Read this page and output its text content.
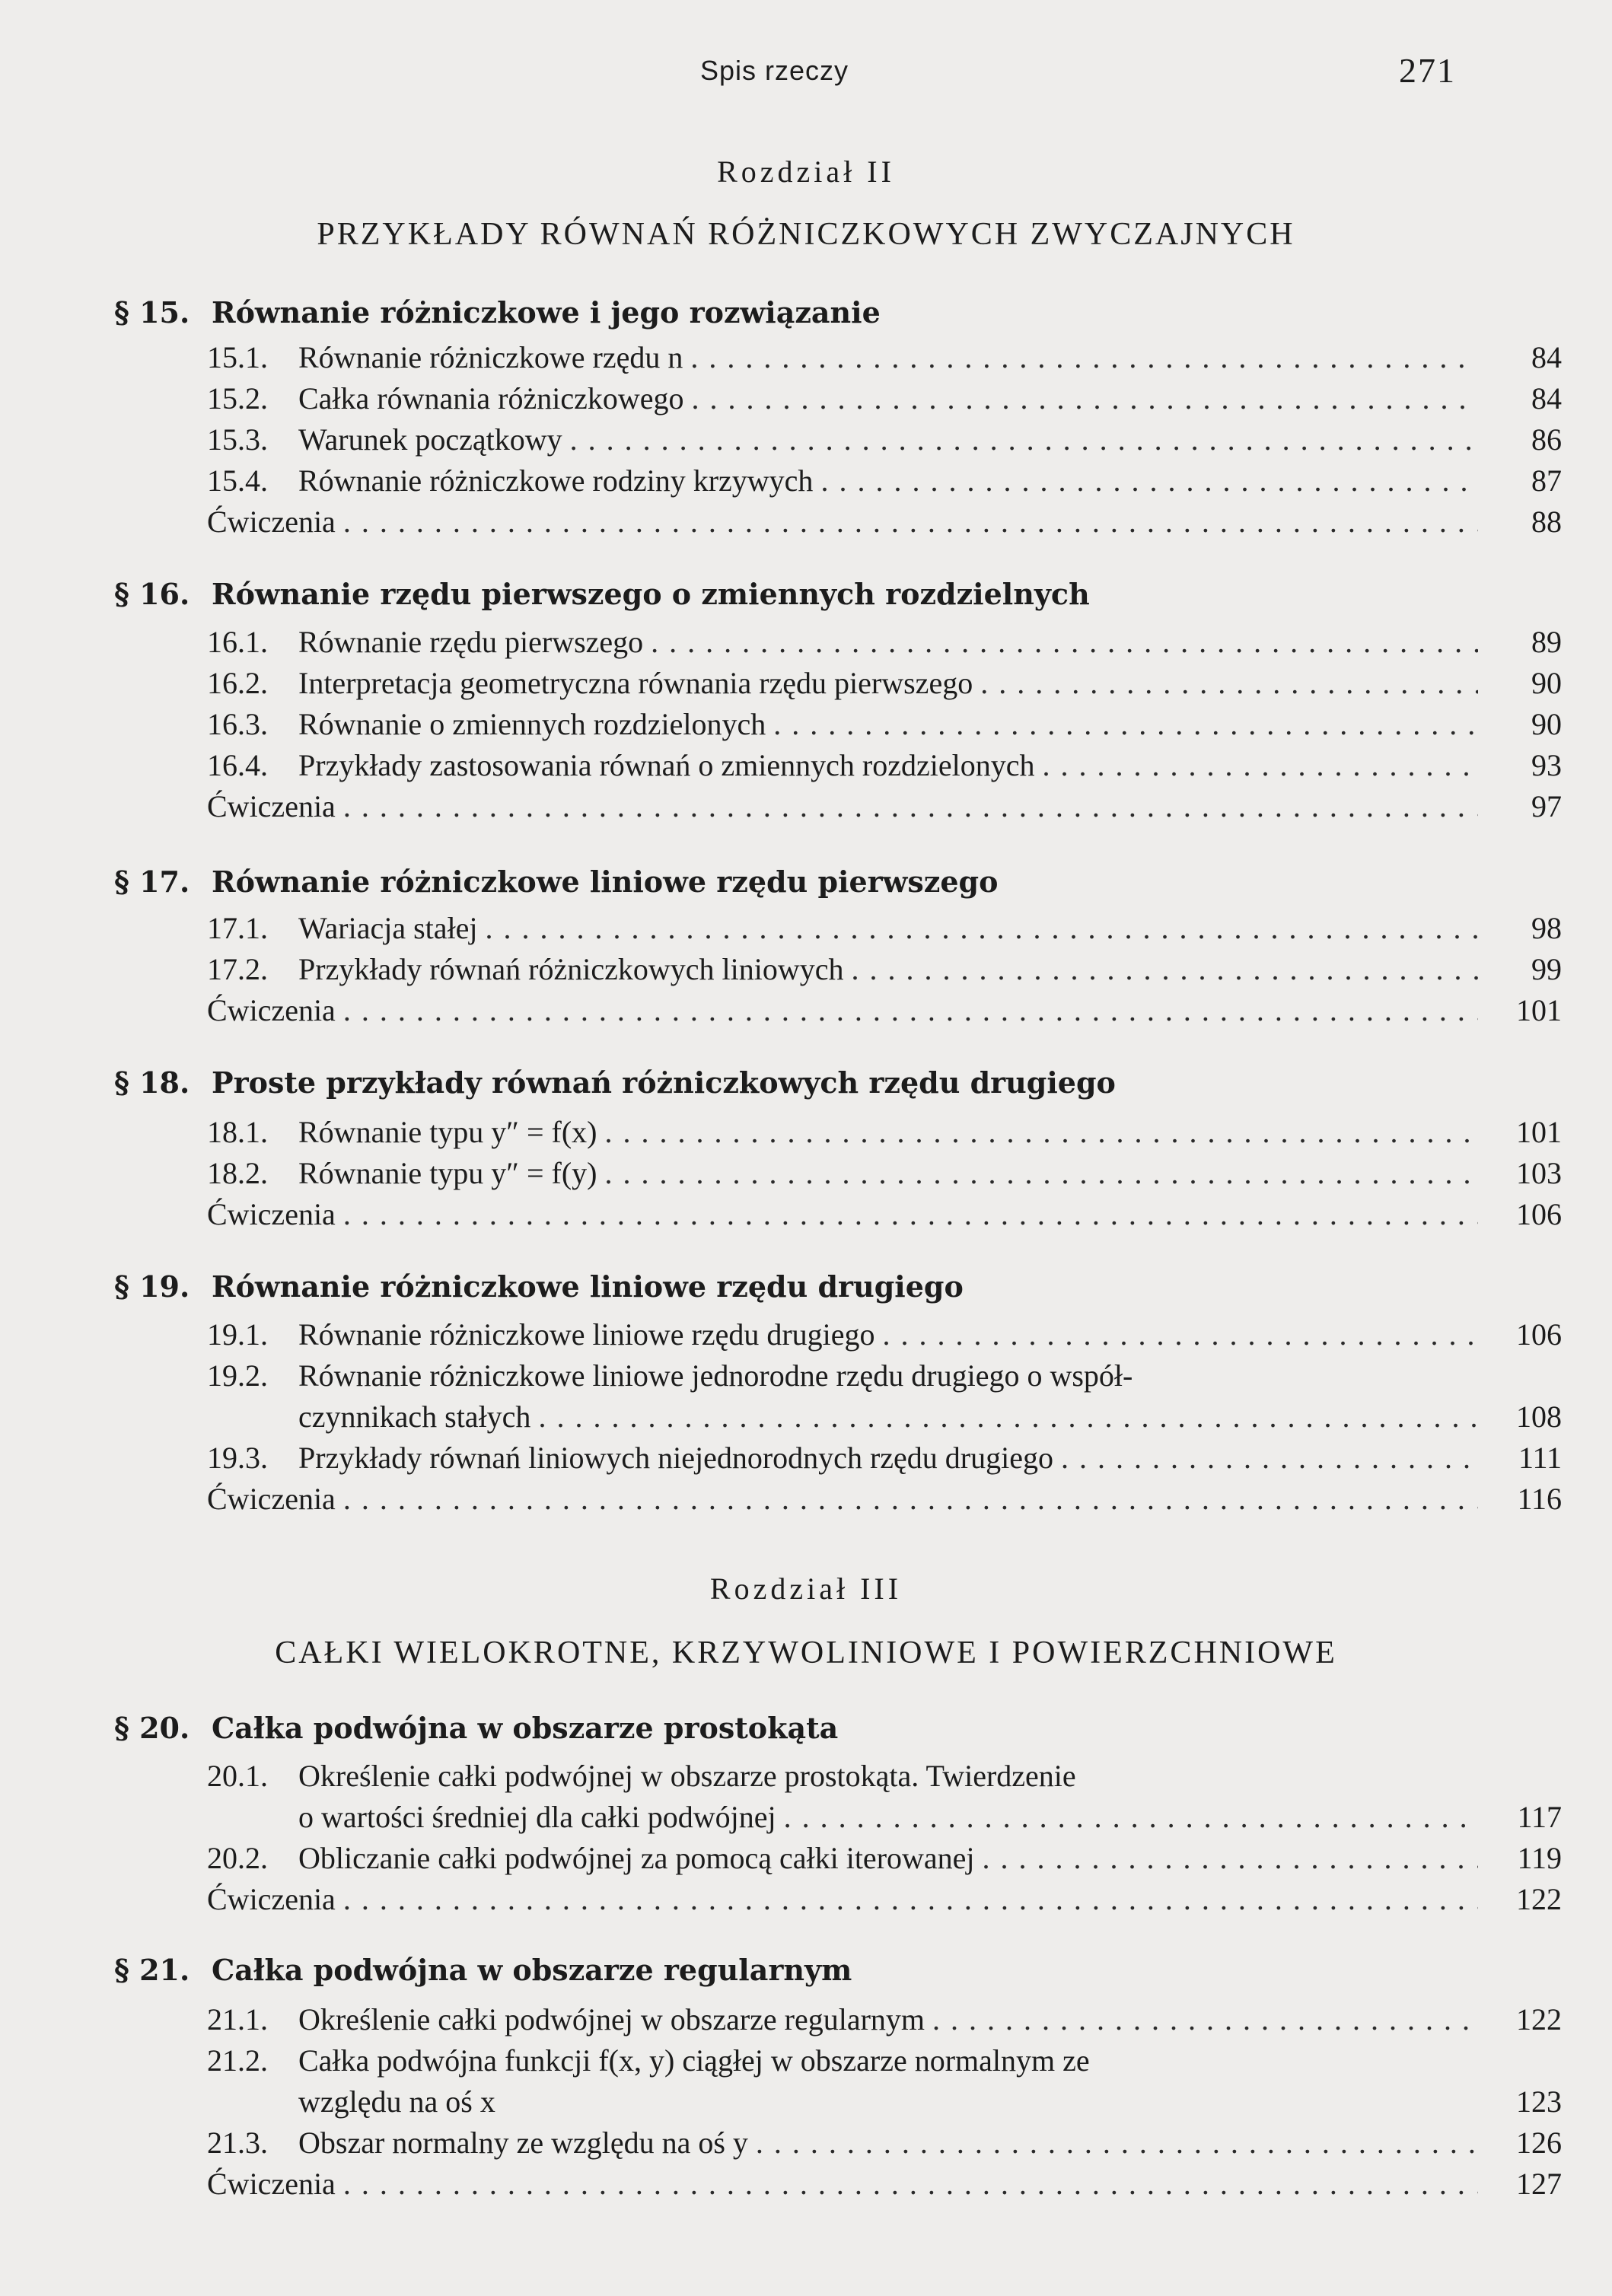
Spis rzeczy	271
Rozdział II
PRZYKŁADY RÓWNAŃ RÓŻNICZKOWYCH ZWYCZAJNYCH
§ 15. Równanie różniczkowe i jego rozwiązanie
15.1.	Równanie różniczkowe rzędu n . . .	84
15.2.	Całka równania różniczkowego . . .	84
15.3.	Warunek początkowy . . .	86
15.4.	Równanie różniczkowe rodziny krzywych . . .	87
Ćwiczenia . . .	88
§ 16. Równanie rzędu pierwszego o zmiennych rozdzielnych
16.1.	Równanie rzędu pierwszego . . .	89
16.2.	Interpretacja geometryczna równania rzędu pierwszego . . .	90
16.3.	Równanie o zmiennych rozdzielonych . . .	90
16.4.	Przykłady zastosowania równań o zmiennych rozdzielonych . . .	93
Ćwiczenia . . .	97
§ 17. Równanie różniczkowe liniowe rzędu pierwszego
17.1.	Wariacja stałej . . .	98
17.2.	Przykłady równań różniczkowych liniowych . . .	99
Ćwiczenia . . .	101
§ 18. Proste przykłady równań różniczkowych rzędu drugiego
18.1.	Równanie typu y″ = f(x) . . .	101
18.2.	Równanie typu y″ = f(y) . . .	103
Ćwiczenia . . .	106
§ 19. Równanie różniczkowe liniowe rzędu drugiego
19.1.	Równanie różniczkowe liniowe rzędu drugiego . . .	106
19.2.	Równanie różniczkowe liniowe jednorodne rzędu drugiego o współ-
czynnikach stałych . . .	108
19.3.	Przykłady równań liniowych niejednorodnych rzędu drugiego . . .	111
Ćwiczenia . . .	116
Rozdział III
CAŁKI WIELOKROTNE, KRZYWOLINIOWE I POWIERZCHNIOWE
§ 20. Całka podwójna w obszarze prostokąta
20.1.	Określenie całki podwójnej w obszarze prostokąta. Twierdzenie
o wartości średniej dla całki podwójnej . . .	117
20.2.	Obliczanie całki podwójnej za pomocą całki iterowanej . . .	119
Ćwiczenia . . .	122
§ 21. Całka podwójna w obszarze regularnym
21.1.	Określenie całki podwójnej w obszarze regularnym . . .	122
21.2.	Całka podwójna funkcji f(x, y) ciągłej w obszarze normalnym ze
względu na oś x	123
21.3.	Obszar normalny ze względu na oś y . . .	126
Ćwiczenia . . .	127
